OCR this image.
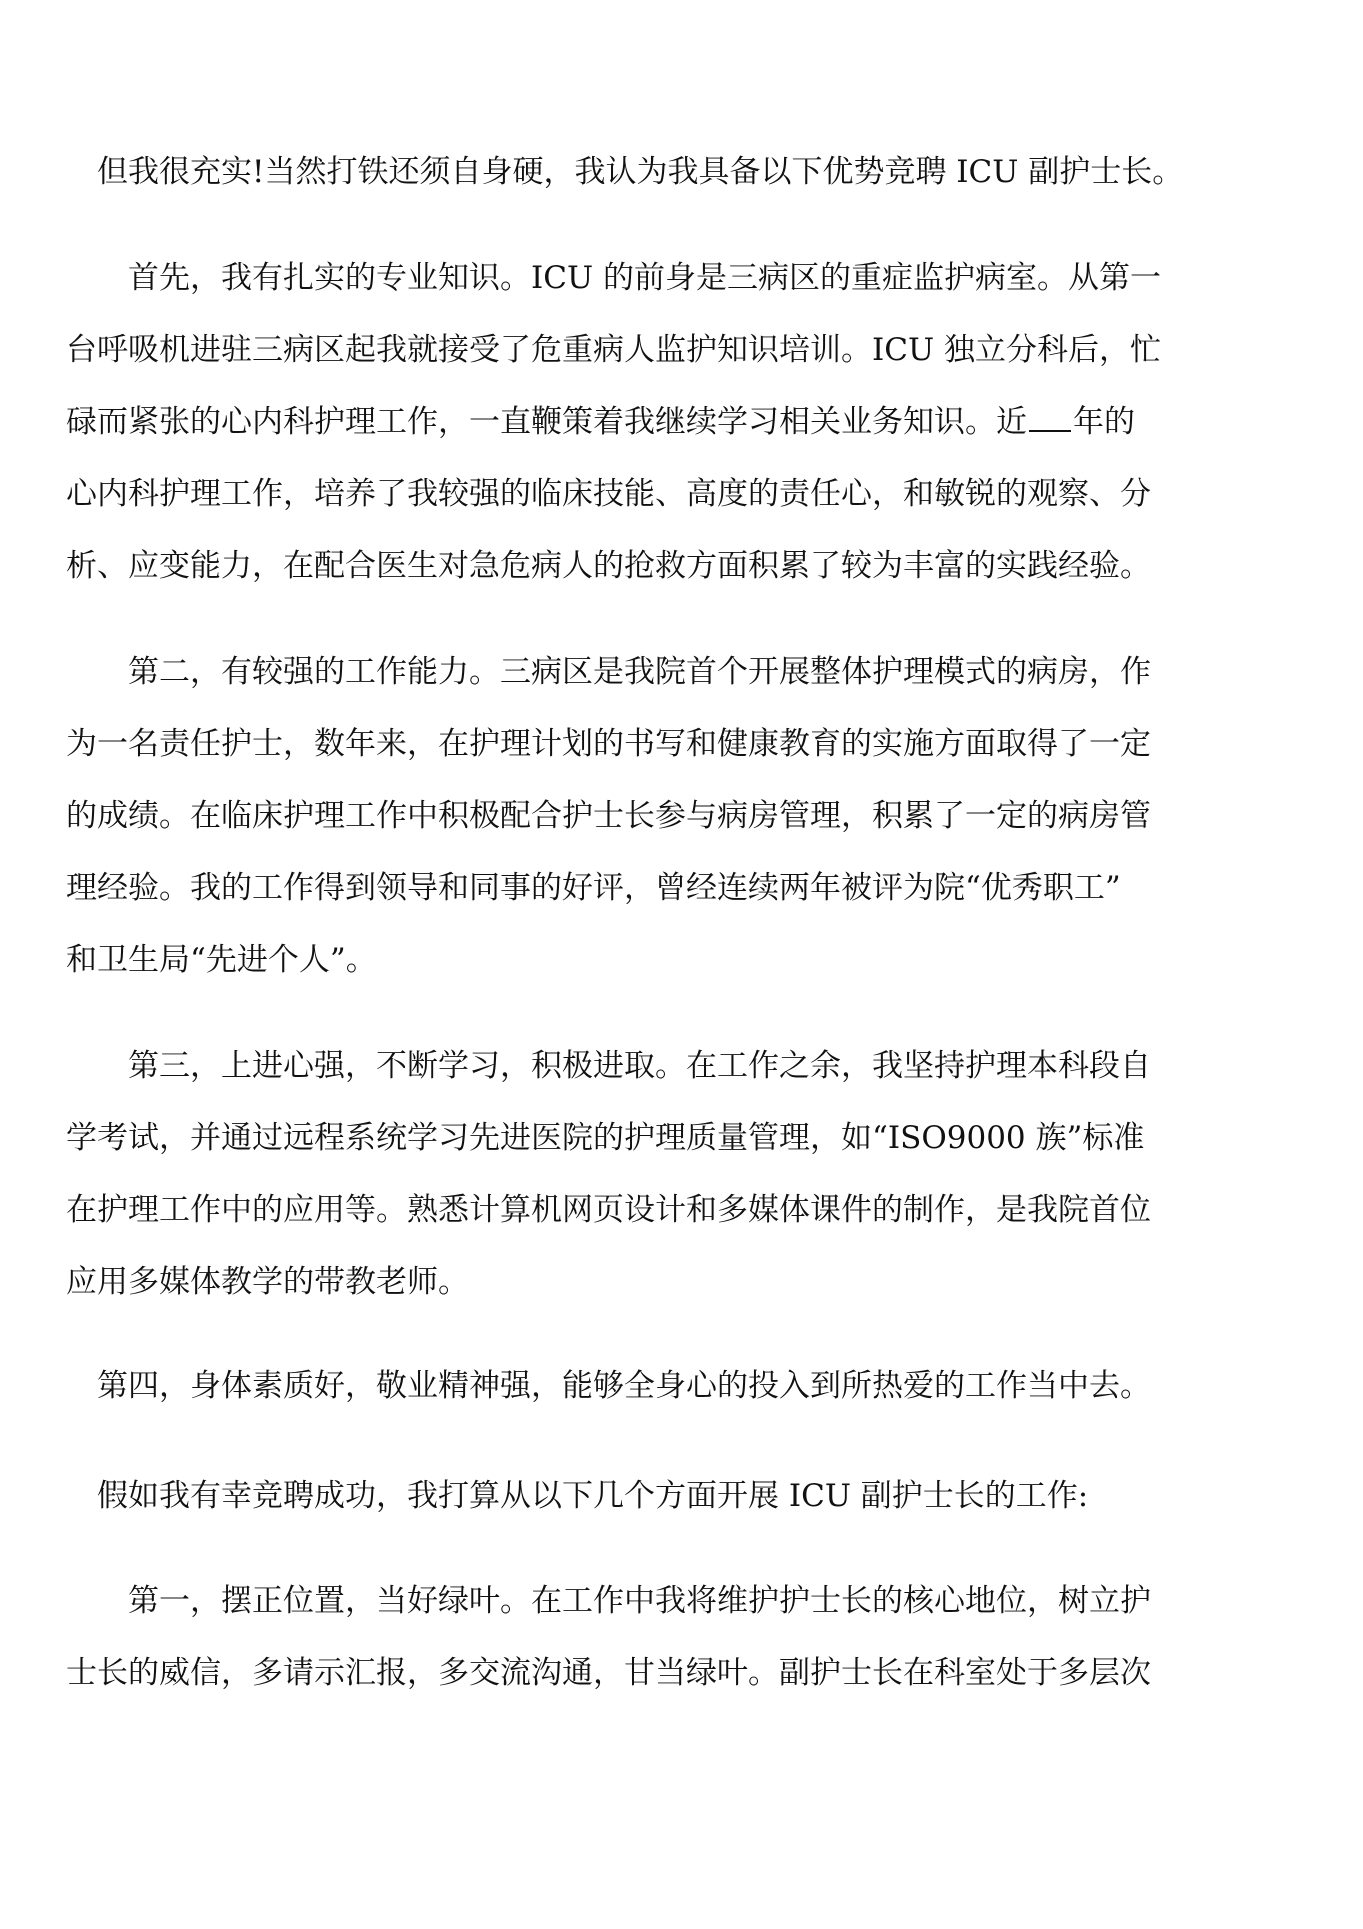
　但我很充实!当然打铁还须自身硬，我认为我具备以下优势竞聘 ICU 副护士长。

　　首先，我有扎实的专业知识。ICU 的前身是三病区的重症监护病室。从第一
台呼吸机进驻三病区起我就接受了危重病人监护知识培训。ICU 独立分科后，忙
碌而紧张的心内科护理工作，一直鞭策着我继续学习相关业务知识。近 年的
心内科护理工作，培养了我较强的临床技能、高度的责任心，和敏锐的观察、分
析、应变能力，在配合医生对急危病人的抢救方面积累了较为丰富的实践经验。

　　第二，有较强的工作能力。三病区是我院首个开展整体护理模式的病房，作
为一名责任护士，数年来，在护理计划的书写和健康教育的实施方面取得了一定
的成绩。在临床护理工作中积极配合护士长参与病房管理，积累了一定的病房管
理经验。我的工作得到领导和同事的好评，曾经连续两年被评为院“优秀职工”
和卫生局“先进个人”。

　　第三，上进心强，不断学习，积极进取。在工作之余，我坚持护理本科段自
学考试，并通过远程系统学习先进医院的护理质量管理，如“ISO9000 族”标准
在护理工作中的应用等。熟悉计算机网页设计和多媒体课件的制作，是我院首位
应用多媒体教学的带教老师。

　第四，身体素质好，敬业精神强，能够全身心的投入到所热爱的工作当中去。

　假如我有幸竞聘成功，我打算从以下几个方面开展 ICU 副护士长的工作:

　　第一，摆正位置，当好绿叶。在工作中我将维护护士长的核心地位，树立护
士长的威信，多请示汇报，多交流沟通，甘当绿叶。副护士长在科室处于多层次
